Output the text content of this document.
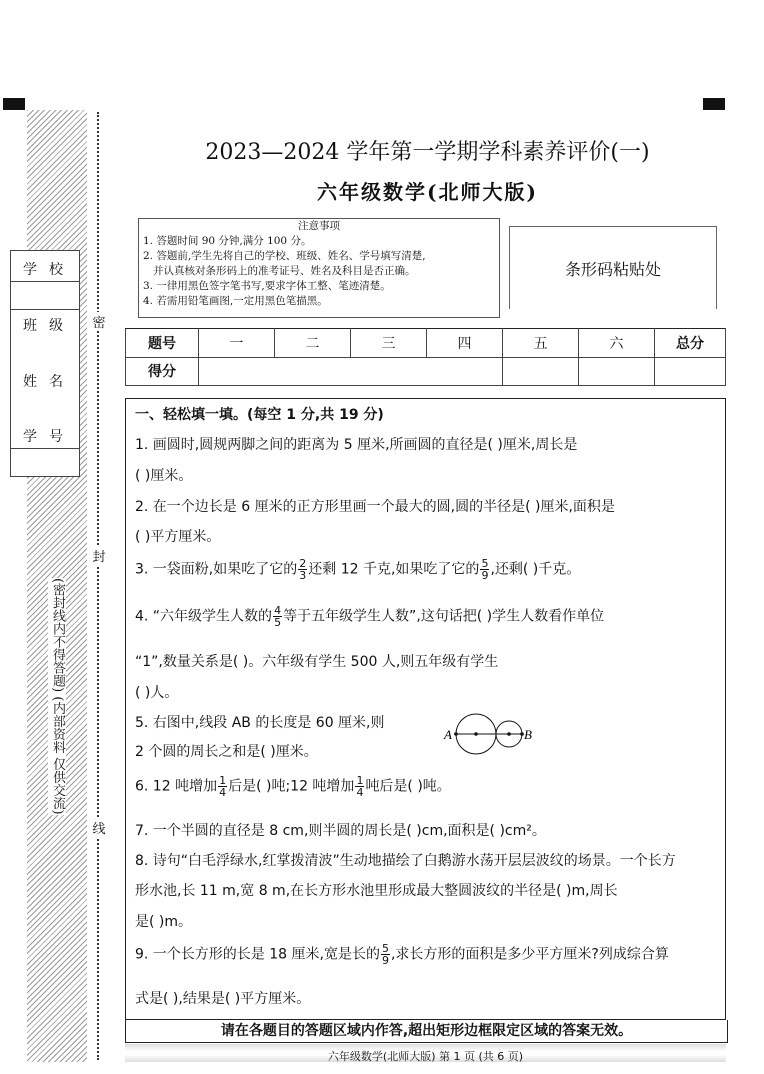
密
封
线
学校
班级
姓名
学号
(密封线内不得答题) (内部资料 仅供交流)
2023—2024 学年第一学期学科素养评价(一)
六年级数学(北师大版)
注意事项
1. 答题时间 90 分钟,满分 100 分。
2. 答题前,学生先将自己的学校、班级、姓名、学号填写清楚,
并认真核对条形码上的准考证号、姓名及科目是否正确。
3. 一律用黑色签字笔书写,要求字体工整、笔迹清楚。
4. 若需用铅笔画图,一定用黑色笔描黑。
条形码粘贴处
题号	一	二	三	四	五	六	总分
得分							
一、轻松填一填。(每空 1 分,共 19 分)
1. 画圆时,圆规两脚之间的距离为 5 厘米,所画圆的直径是( )厘米,周长是
( )厘米。
2. 在一个边长是 6 厘米的正方形里画一个最大的圆,圆的半径是( )厘米,面积是
( )平方厘米。
3. 一袋面粉,如果吃了它的 $\frac{2}{3}$ 还剩 12 千克,如果吃了它的 $\frac{5}{9}$ ,还剩( )千克。
4. “六年级学生人数的 $\frac{4}{5}$ 等于五年级学生人数”,这句话把( )学生人数看作单位
“1”,数量关系是( )。六年级有学生 500 人,则五年级有学生
( )人。
5. 右图中,线段 AB 的长度是 60 厘米,则
2 个圆的周长之和是( )厘米。
A	B
6. 12 吨增加 $\frac{1}{4}$ 后是( )吨;12 吨增加 $\frac{1}{4}$ 吨后是( )吨。
7. 一个半圆的直径是 8 cm,则半圆的周长是( )cm,面积是( )cm²。
8. 诗句“白毛浮绿水,红掌拨清波”生动地描绘了白鹅游水荡开层层波纹的场景。一个长方
形水池,长 11 m,宽 8 m,在长方形水池里形成最大整圆波纹的半径是( )m,周长
是( )m。
9. 一个长方形的长是 18 厘米,宽是长的 $\frac{5}{9}$ ,求长方形的面积是多少平方厘米?列成综合算
式是( ),结果是( )平方厘米。
请在各题目的答题区域内作答,超出矩形边框限定区域的答案无效。
六年级数学(北师大版) 第 1 页 (共 6 页)
